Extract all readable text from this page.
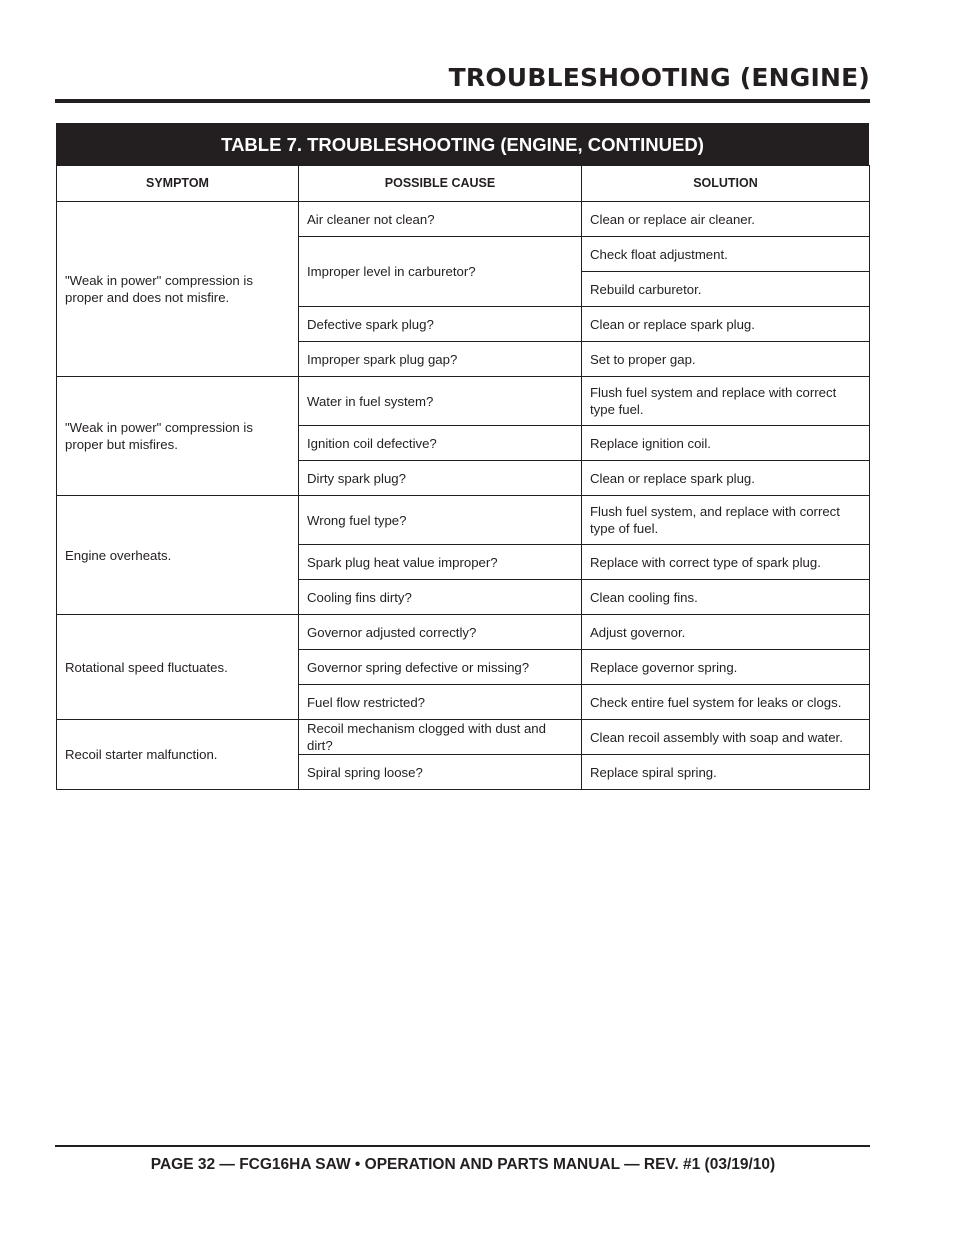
TROUBLESHOOTING (ENGINE)
TABLE 7. TROUBLESHOOTING (ENGINE, CONTINUED)
SYMPTOM	POSSIBLE CAUSE	SOLUTION
"Weak in power" compression is proper and does not misfire.	Air cleaner not clean?	Clean or replace air cleaner.
	Improper level in carburetor?	Check float adjustment.
		Rebuild carburetor.
	Defective spark plug?	Clean or replace spark plug.
	Improper spark plug gap?	Set to proper gap.
"Weak in power" compression is proper but misfires.	Water in fuel system?	Flush fuel system and replace with correct type fuel.
	Ignition coil defective?	Replace ignition coil.
	Dirty spark plug?	Clean or replace spark plug.
Engine overheats.	Wrong fuel type?	Flush fuel system, and replace with correct type of fuel.
	Spark plug heat value improper?	Replace with correct type of spark plug.
	Cooling fins dirty?	Clean cooling fins.
Rotational speed fluctuates.	Governor adjusted correctly?	Adjust governor.
	Governor spring defective or missing?	Replace governor spring.
	Fuel flow restricted?	Check entire fuel system for leaks or clogs.
Recoil starter malfunction.	Recoil mechanism clogged with dust and dirt?	Clean recoil assembly with soap and water.
	Spiral spring loose?	Replace spiral spring.
PAGE 32 — FCG16HA SAW • OPERATION AND PARTS MANUAL — REV. #1 (03/19/10)
